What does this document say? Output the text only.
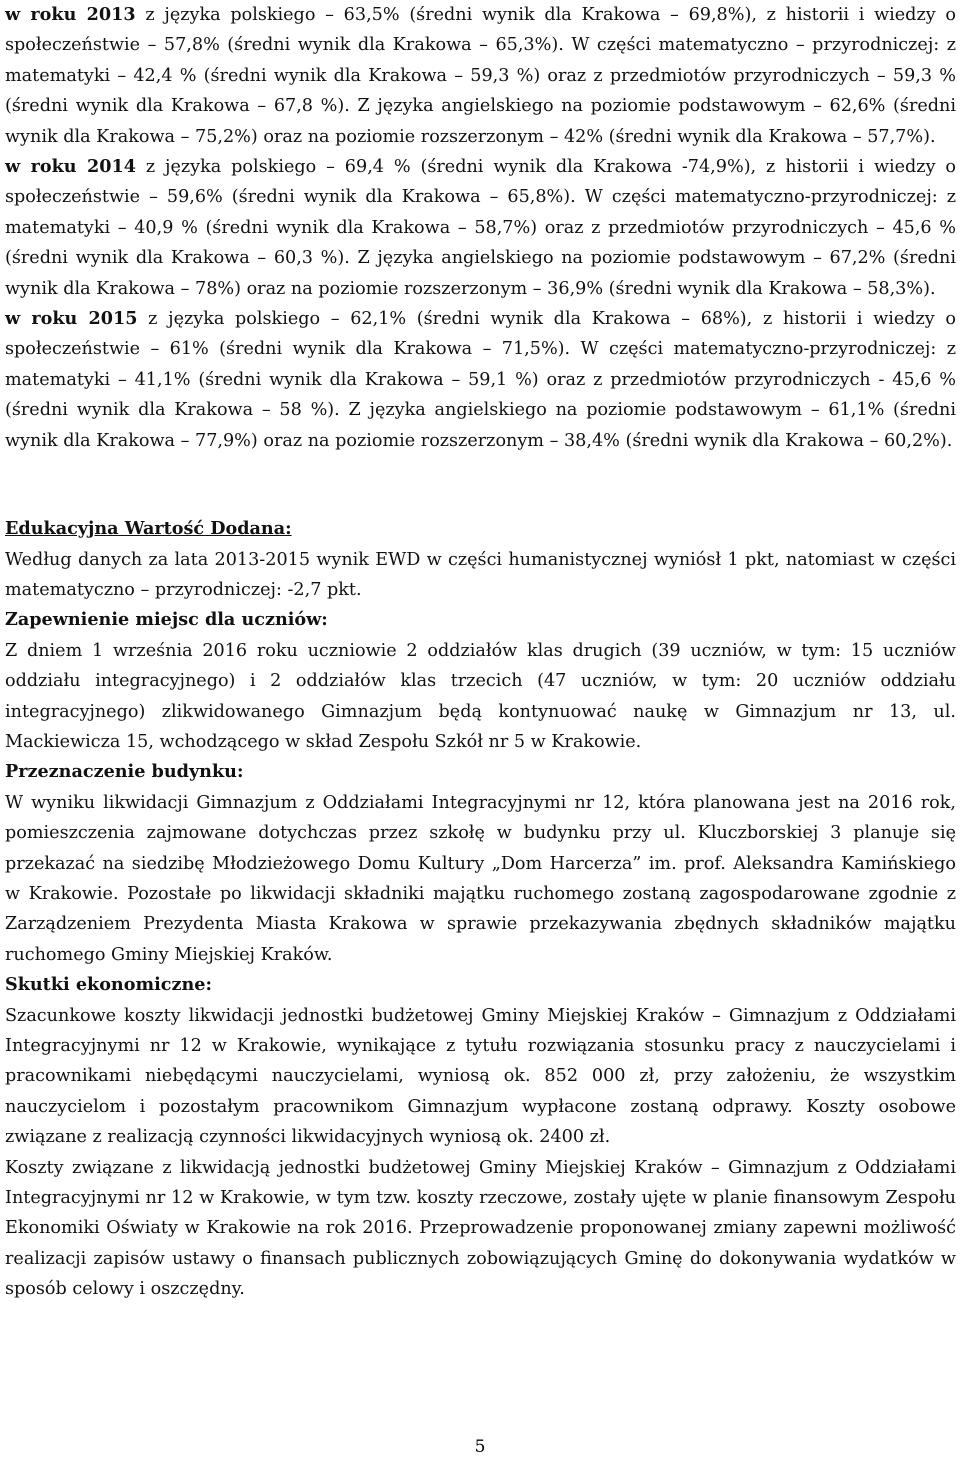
w roku 2013 z języka polskiego – 63,5% (średni wynik dla Krakowa – 69,8%), z historii i wiedzy o społeczeństwie – 57,8% (średni wynik dla Krakowa – 65,3%). W części matematyczno – przyrodniczej: z matematyki – 42,4 % (średni wynik dla Krakowa – 59,3 %) oraz z przedmiotów przyrodniczych – 59,3 % (średni wynik dla Krakowa – 67,8 %). Z języka angielskiego na poziomie podstawowym – 62,6% (średni wynik dla Krakowa – 75,2%) oraz na poziomie rozszerzonym – 42% (średni wynik dla Krakowa – 57,7%).

w roku 2014 z języka polskiego – 69,4 % (średni wynik dla Krakowa -74,9%), z historii i wiedzy o społeczeństwie – 59,6% (średni wynik dla Krakowa – 65,8%). W części matematyczno-przyrodniczej: z matematyki – 40,9 % (średni wynik dla Krakowa – 58,7%) oraz z przedmiotów przyrodniczych – 45,6 % (średni wynik dla Krakowa – 60,3 %). Z języka angielskiego na poziomie podstawowym – 67,2% (średni wynik dla Krakowa – 78%) oraz na poziomie rozszerzonym – 36,9% (średni wynik dla Krakowa – 58,3%).

w roku 2015 z języka polskiego – 62,1% (średni wynik dla Krakowa – 68%), z historii i wiedzy o społeczeństwie – 61% (średni wynik dla Krakowa – 71,5%). W części matematyczno-przyrodniczej: z matematyki – 41,1% (średni wynik dla Krakowa – 59,1 %) oraz z przedmiotów przyrodniczych - 45,6 % (średni wynik dla Krakowa – 58 %). Z języka angielskiego na poziomie podstawowym – 61,1% (średni wynik dla Krakowa – 77,9%) oraz na poziomie rozszerzonym – 38,4% (średni wynik dla Krakowa – 60,2%).

Edukacyjna Wartość Dodana:

Według danych za lata 2013-2015 wynik EWD w części humanistycznej wyniósł 1 pkt, natomiast w części matematyczno – przyrodniczej: -2,7 pkt.

Zapewnienie miejsc dla uczniów:

Z dniem 1 września 2016 roku uczniowie 2 oddziałów klas drugich (39 uczniów, w tym: 15 uczniów oddziału integracyjnego) i 2 oddziałów klas trzecich (47 uczniów, w tym: 20 uczniów oddziału integracyjnego) zlikwidowanego Gimnazjum będą kontynuować naukę w Gimnazjum nr 13, ul. Mackiewicza 15, wchodzącego w skład Zespołu Szkół nr 5 w Krakowie.

Przeznaczenie budynku:

W wyniku likwidacji Gimnazjum z Oddziałami Integracyjnymi nr 12, która planowana jest na 2016 rok, pomieszczenia zajmowane dotychczas przez szkołę w budynku przy ul. Kluczborskiej 3 planuje się przekazać na siedzibę Młodzieżowego Domu Kultury „Dom Harcerza” im. prof. Aleksandra Kamińskiego w Krakowie. Pozostałe po likwidacji składniki majątku ruchomego zostaną zagospodarowane zgodnie z Zarządzeniem Prezydenta Miasta Krakowa w sprawie przekazywania zbędnych składników majątku ruchomego Gminy Miejskiej Kraków.

Skutki ekonomiczne:

Szacunkowe koszty likwidacji jednostki budżetowej Gminy Miejskiej Kraków – Gimnazjum z Oddziałami Integracyjnymi nr 12 w Krakowie, wynikające z tytułu rozwiązania stosunku pracy z nauczycielami i pracownikami niebędącymi nauczycielami, wyniosą ok. 852 000 zł, przy założeniu, że wszystkim nauczycielom i pozostałym pracownikom Gimnazjum wypłacone zostaną odprawy. Koszty osobowe związane z realizacją czynności likwidacyjnych wyniosą ok. 2400 zł.

Koszty związane z likwidacją jednostki budżetowej Gminy Miejskiej Kraków – Gimnazjum z Oddziałami Integracyjnymi nr 12 w Krakowie, w tym tzw. koszty rzeczowe, zostały ujęte w planie finansowym Zespołu Ekonomiki Oświaty w Krakowie na rok 2016. Przeprowadzenie proponowanej zmiany zapewni możliwość realizacji zapisów ustawy o finansach publicznych zobowiązujących Gminę do dokonywania wydatków w sposób celowy i oszczędny.

5
